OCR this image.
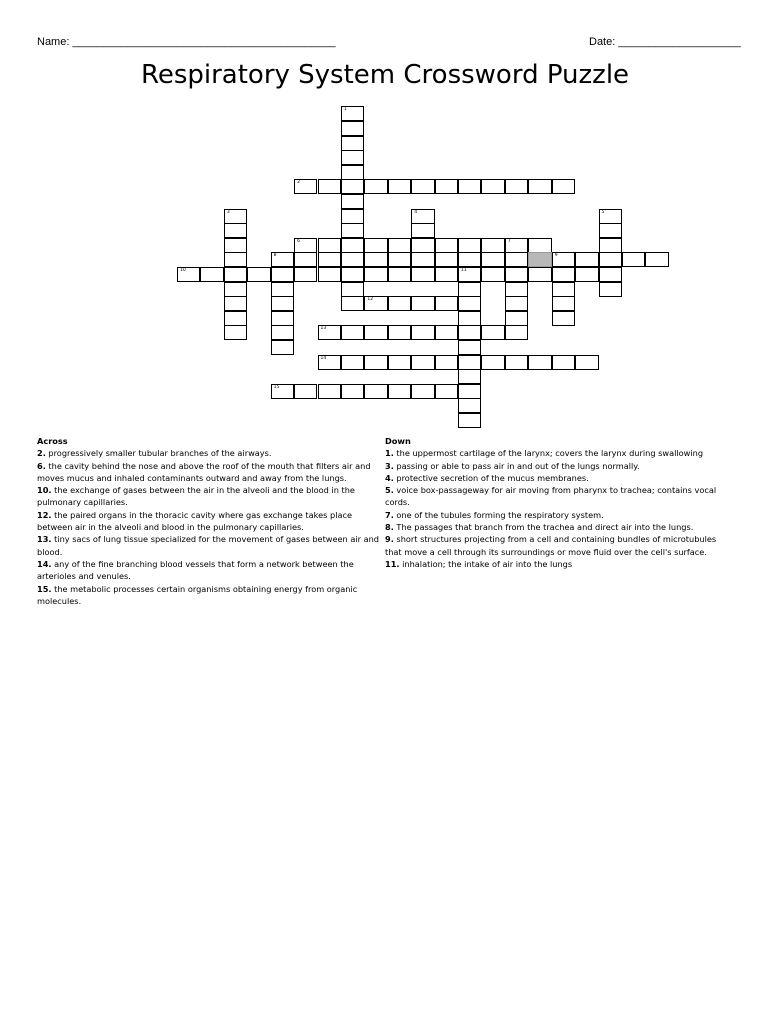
Name: ___________________________________________	Date: ____________________
Respiratory System Crossword Puzzle
1
2
3	4	5
6	7
8	9
10	11
12
13
14
15
Across
2. progressively smaller tubular branches of the airways.
6. the cavity behind the nose and above the roof of the mouth that filters air and moves mucus and inhaled contaminants outward and away from the lungs.
10. the exchange of gases between the air in the alveoli and the blood in the pulmonary capillaries.
12. the paired organs in the thoracic cavity where gas exchange takes place between air in the alveoli and blood in the pulmonary capillaries.
13. tiny sacs of lung tissue specialized for the movement of gases between air and blood.
14. any of the fine branching blood vessels that form a network between the arterioles and venules.
15. the metabolic processes certain organisms obtaining energy from organic molecules.
Down
1. the uppermost cartilage of the larynx; covers the larynx during swallowing
3. passing or able to pass air in and out of the lungs normally.
4. protective secretion of the mucus membranes.
5. voice box-passageway for air moving from pharynx to trachea; contains vocal cords.
7. one of the tubules forming the respiratory system.
8. The passages that branch from the trachea and direct air into the lungs.
9. short structures projecting from a cell and containing bundles of microtubules that move a cell through its surroundings or move fluid over the cell's surface.
11. inhalation; the intake of air into the lungs
